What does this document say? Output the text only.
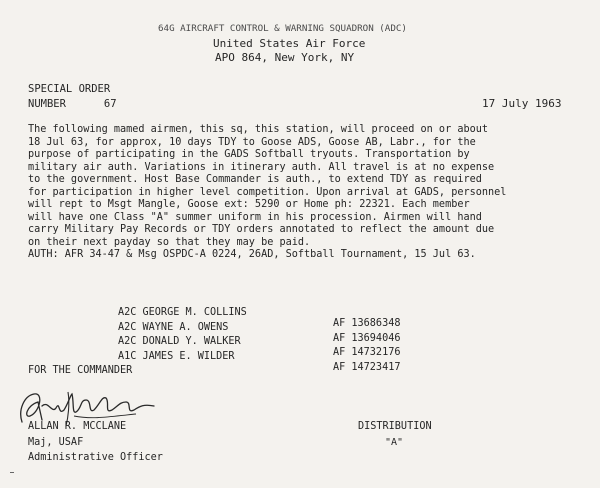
64G AIRCRAFT CONTROL & WARNING SQUADRON (ADC)
United States Air Force
APO 864, New York, NY
SPECIAL ORDER
NUMBER	67	17 July 1963
The following mamed airmen, this sq, this station, will proceed on or about
18 Jul 63, for approx, 10 days TDY to Goose ADS, Goose AB, Labr., for the
purpose of participating in the GADS Softball tryouts. Transportation by
military air auth. Variations in itinerary auth. All travel is at no expense
to the government. Host Base Commander is auth., to extend TDY as required
for participation in higher level competition. Upon arrival at GADS, personnel
will rept to Msgt Mangle, Goose ext: 5290 or Home ph: 22321. Each member
will have one Class "A" summer uniform in his procession. Airmen will hand
carry Military Pay Records or TDY orders annotated to reflect the amount due
on their next payday so that they may be paid.
AUTH: AFR 34-47 & Msg OSPDC-A 0224, 26AD, Softball Tournament, 15 Jul 63.

A2C GEORGE M. COLLINS

AF 13686348

A2C WAYNE A. OWENS

AF 13694046

A2C DONALD Y. WALKER

AF 14732176

A1C JAMES E. WILDER

AF 14723417

FOR THE COMMANDER
ALLAN R. MCCLANE
Maj, USAF
Administrative Officer
DISTRIBUTION
"A"
